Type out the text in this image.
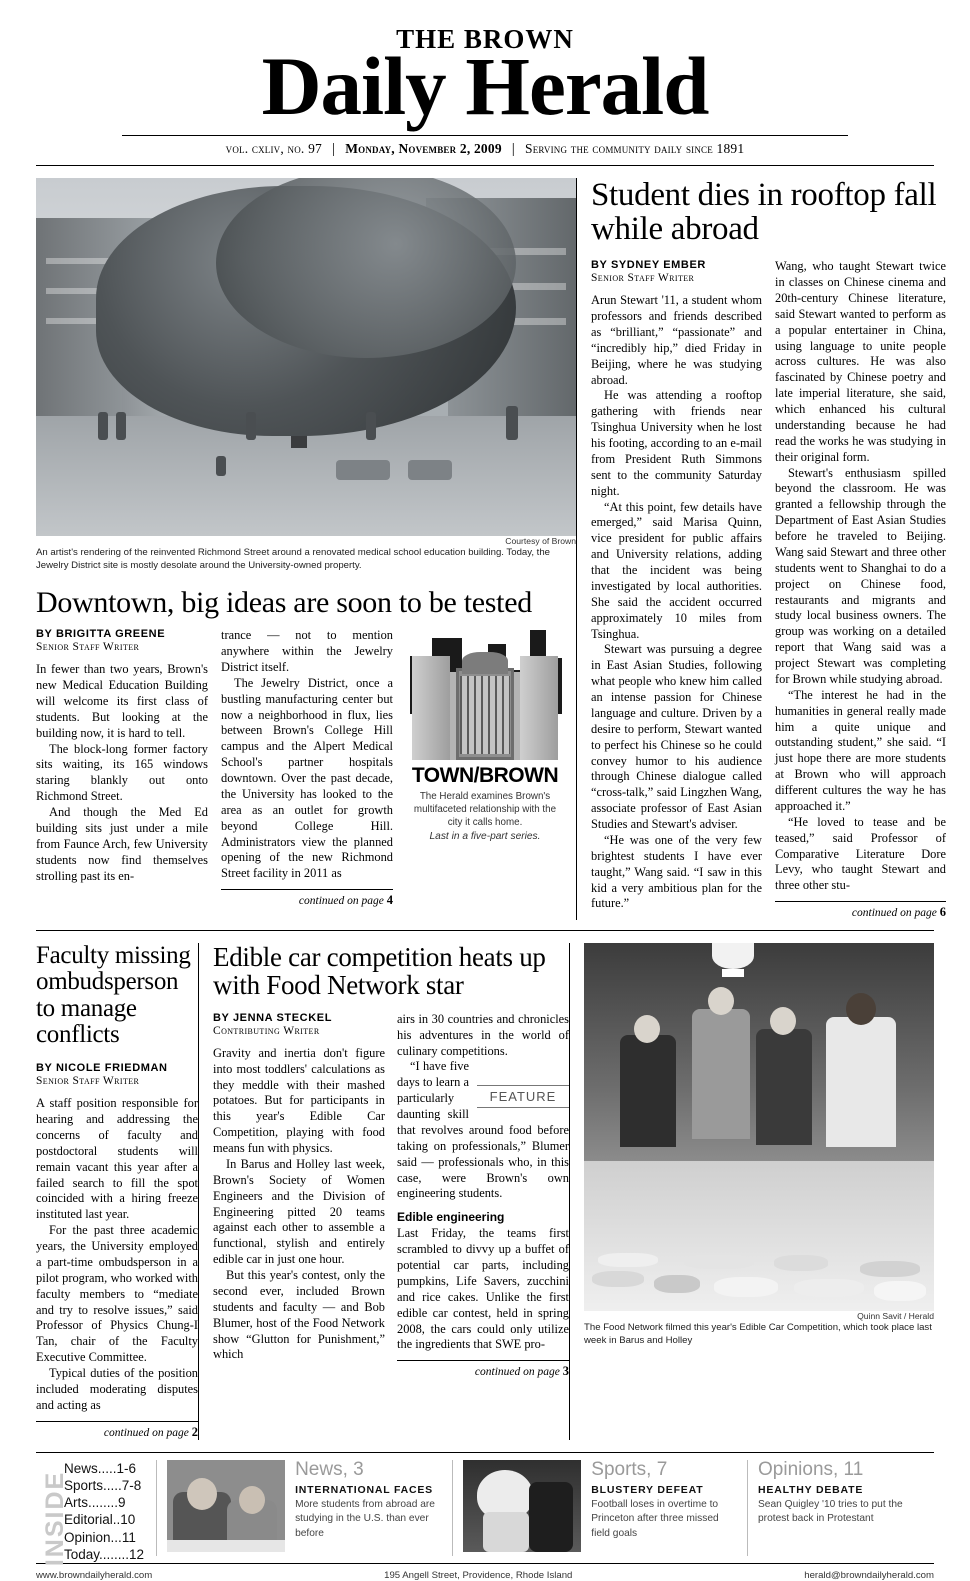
THE BROWN
Daily Herald
vol. cxliv, no. 97 | Monday, November 2, 2009 | Serving the community daily since 1891
Courtesy of Brown
An artist's rendering of the reinvented Richmond Street around a renovated medical school education building. Today, the Jewelry District site is mostly desolate around the University-owned property.
Downtown, big ideas are soon to be tested
BY BRIGITTA GREENE
Senior Staff Writer

In fewer than two years, Brown's new Medical Education Building will welcome its first class of students. But looking at the building now, it is hard to tell.

The block-long former factory sits waiting, its 165 windows staring blankly out onto Richmond Street.

And though the Med Ed building sits just under a mile from Faunce Arch, few University students now find themselves strolling past its en-

trance — not to mention anywhere within the Jewelry District itself.

The Jewelry District, once a bustling manufacturing center but now a neighborhood in flux, lies between Brown's College Hill campus and the Alpert Medical School's partner hospitals downtown. Over the past decade, the University has looked to the area as an outlet for growth beyond College Hill. Administrators view the planned opening of the new Richmond Street facility in 2011 as

continued on page 4
TOWN/BROWN
The Herald examines Brown's multifaceted relationship with the city it calls home.
Last in a five-part series.
Student dies in rooftop fall while abroad
BY SYDNEY EMBER
Senior Staff Writer

Arun Stewart '11, a student whom professors and friends described as “brilliant,” “passionate” and “incredibly hip,” died Friday in Beijing, where he was studying abroad.

He was attending a rooftop gathering with friends near Tsinghua University when he lost his footing, according to an e-mail from President Ruth Simmons sent to the community Saturday night.

“At this point, few details have emerged,” said Marisa Quinn, vice president for public affairs and University relations, adding that the incident was being investigated by local authorities. She said the accident occurred approximately 10 miles from Tsinghua.

Stewart was pursuing a degree in East Asian Studies, following what people who knew him called an intense passion for Chinese language and culture. Driven by a desire to perform, Stewart wanted to perfect his Chinese so he could convey humor to his audience through Chinese dialogue called “cross-talk,” said Lingzhen Wang, associate professor of East Asian Studies and Stewart's adviser.

“He was one of the very few brightest students I have ever taught,” Wang said. “I saw in this kid a very ambitious plan for the future.”

Wang, who taught Stewart twice in classes on Chinese cinema and 20th-century Chinese literature, said Stewart wanted to perform as a popular entertainer in China, using language to unite people across cultures. He was also fascinated by Chinese poetry and late imperial literature, she said, which enhanced his cultural understanding because he had read the works he was studying in their original form.

Stewart's enthusiasm spilled beyond the classroom. He was granted a fellowship through the Department of East Asian Studies before he traveled to Beijing. Wang said Stewart and three other students went to Shanghai to do a project on Chinese food, restaurants and migrants and study local business owners. The group was working on a detailed report that Wang said was a project Stewart was completing for Brown while studying abroad.

“The interest he had in the humanities in general really made him a quite unique and outstanding student,” she said. “I just hope there are more students at Brown who will approach different cultures the way he has approached it.”

“He loved to tease and be teased,” said Professor of Comparative Literature Dore Levy, who taught Stewart and three other stu-

continued on page 6
Faculty missing ombudsperson to manage conflicts
BY NICOLE FRIEDMAN
Senior Staff Writer

A staff position responsible for hearing and addressing the concerns of faculty and postdoctoral students will remain vacant this year after a failed search to fill the spot coincided with a hiring freeze instituted last year.

For the past three academic years, the University employed a part-time ombudsperson in a pilot program, who worked with faculty members to “mediate and try to resolve issues,” said Professor of Physics Chung-I Tan, chair of the Faculty Executive Committee.

Typical duties of the position included moderating disputes and acting as

continued on page 2
Edible car competition heats up with Food Network star
BY JENNA STECKEL
Contributing Writer

Gravity and inertia don't figure into most toddlers' calculations as they meddle with their mashed potatoes. But for participants in this year's Edible Car Competition, playing with food means fun with physics.

In Barus and Holley last week, Brown's Society of Women Engineers and the Division of Engineering pitted 20 teams against each other to assemble a functional, stylish and entirely edible car in just one hour.

But this year's contest, only the second ever, included Brown students and faculty — and Bob Blumer, host of the Food Network show “Glutton for Punishment,” which

airs in 30 countries and chronicles his adventures in the world of culinary competitions.

FEATURE

“I have five days to learn a particularly daunting skill that revolves around food before taking on professionals,” Blumer said — professionals who, in this case, were Brown's own engineering students.

Edible engineering

Last Friday, the teams first scrambled to divvy up a buffet of potential car parts, including pumpkins, Life Savers, zucchini and rice cakes. Unlike the first edible car contest, held in spring 2008, the cars could only utilize the ingredients that SWE pro-

continued on page 3
Quinn Savit / Herald
The Food Network filmed this year's Edible Car Competition, which took place last week in Barus and Holley
INSIDE
News.....1-6
Sports.....7-8
Arts........9
Editorial..10
Opinion...11
Today........12
News, 3
INTERNATIONAL FACES
More students from abroad are studying in the U.S. than ever before
Sports, 7
BLUSTERY DEFEAT
Football loses in overtime to Princeton after three missed field goals
Opinions, 11
HEALTHY DEBATE
Sean Quigley '10 tries to put the protest back in Protestant
www.browndailyherald.com	195 Angell Street, Providence, Rhode Island	herald@browndailyherald.com
